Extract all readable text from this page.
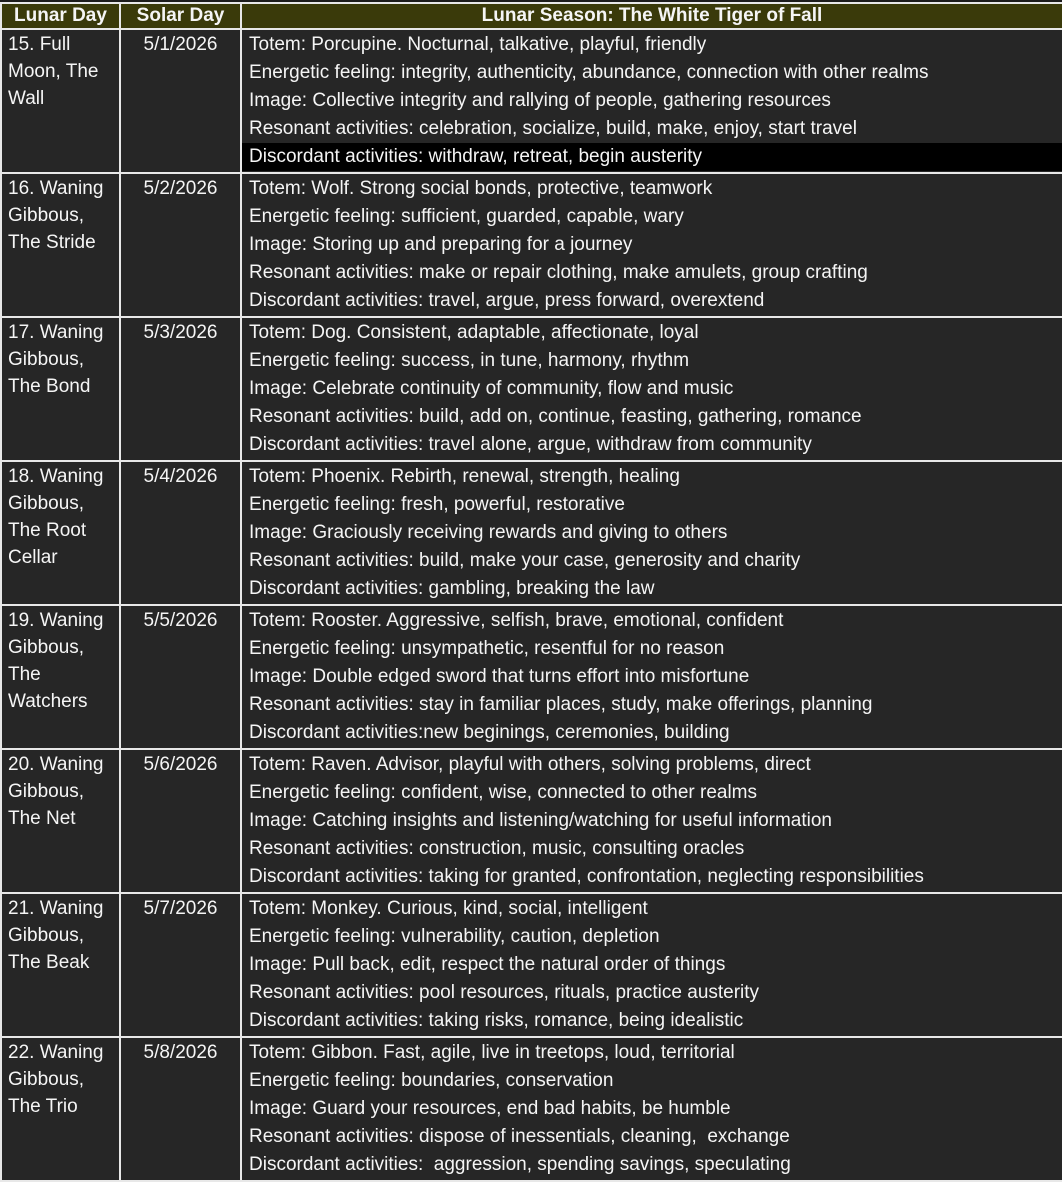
Lunar Day	Solar Day	Lunar Season: The White Tiger of Fall
15. Full Moon, The Wall	5/1/2026	Totem: Porcupine. Nocturnal, talkative, playful, friendly
Energetic feeling: integrity, authenticity, abundance, connection with other realms
Image: Collective integrity and rallying of people, gathering resources
Resonant activities: celebration, socialize, build, make, enjoy, start travel
Discordant activities: withdraw, retreat, begin austerity

16. Waning Gibbous, The Stride	5/2/2026	Totem: Wolf. Strong social bonds, protective, teamwork
Energetic feeling: sufficient, guarded, capable, wary
Image: Storing up and preparing for a journey
Resonant activities: make or repair clothing, make amulets, group crafting
Discordant activities: travel, argue, press forward, overextend

17. Waning Gibbous, The Bond	5/3/2026	Totem: Dog. Consistent, adaptable, affectionate, loyal
Energetic feeling: success, in tune, harmony, rhythm
Image: Celebrate continuity of community, flow and music
Resonant activities: build, add on, continue, feasting, gathering, romance
Discordant activities: travel alone, argue, withdraw from community

18. Waning Gibbous, The Root Cellar	5/4/2026	Totem: Phoenix. Rebirth, renewal, strength, healing
Energetic feeling: fresh, powerful, restorative
Image: Graciously receiving rewards and giving to others
Resonant activities: build, make your case, generosity and charity
Discordant activities: gambling, breaking the law

19. Waning Gibbous, The Watchers	5/5/2026	Totem: Rooster. Aggressive, selfish, brave, emotional, confident
Energetic feeling: unsympathetic, resentful for no reason
Image: Double edged sword that turns effort into misfortune
Resonant activities: stay in familiar places, study, make offerings, planning
Discordant activities:new beginings, ceremonies, building

20. Waning Gibbous, The Net	5/6/2026	Totem: Raven. Advisor, playful with others, solving problems, direct
Energetic feeling: confident, wise, connected to other realms
Image: Catching insights and listening/watching for useful information
Resonant activities: construction, music, consulting oracles
Discordant activities: taking for granted, confrontation, neglecting responsibilities

21. Waning Gibbous, The Beak	5/7/2026	Totem: Monkey. Curious, kind, social, intelligent
Energetic feeling: vulnerability, caution, depletion
Image: Pull back, edit, respect the natural order of things
Resonant activities: pool resources, rituals, practice austerity
Discordant activities: taking risks, romance, being idealistic

22. Waning Gibbous, The Trio	5/8/2026	Totem: Gibbon. Fast, agile, live in treetops, loud, territorial
Energetic feeling: boundaries, conservation
Image: Guard your resources, end bad habits, be humble
Resonant activities: dispose of inessentials, cleaning,  exchange
Discordant activities:  aggression, spending savings, speculating
